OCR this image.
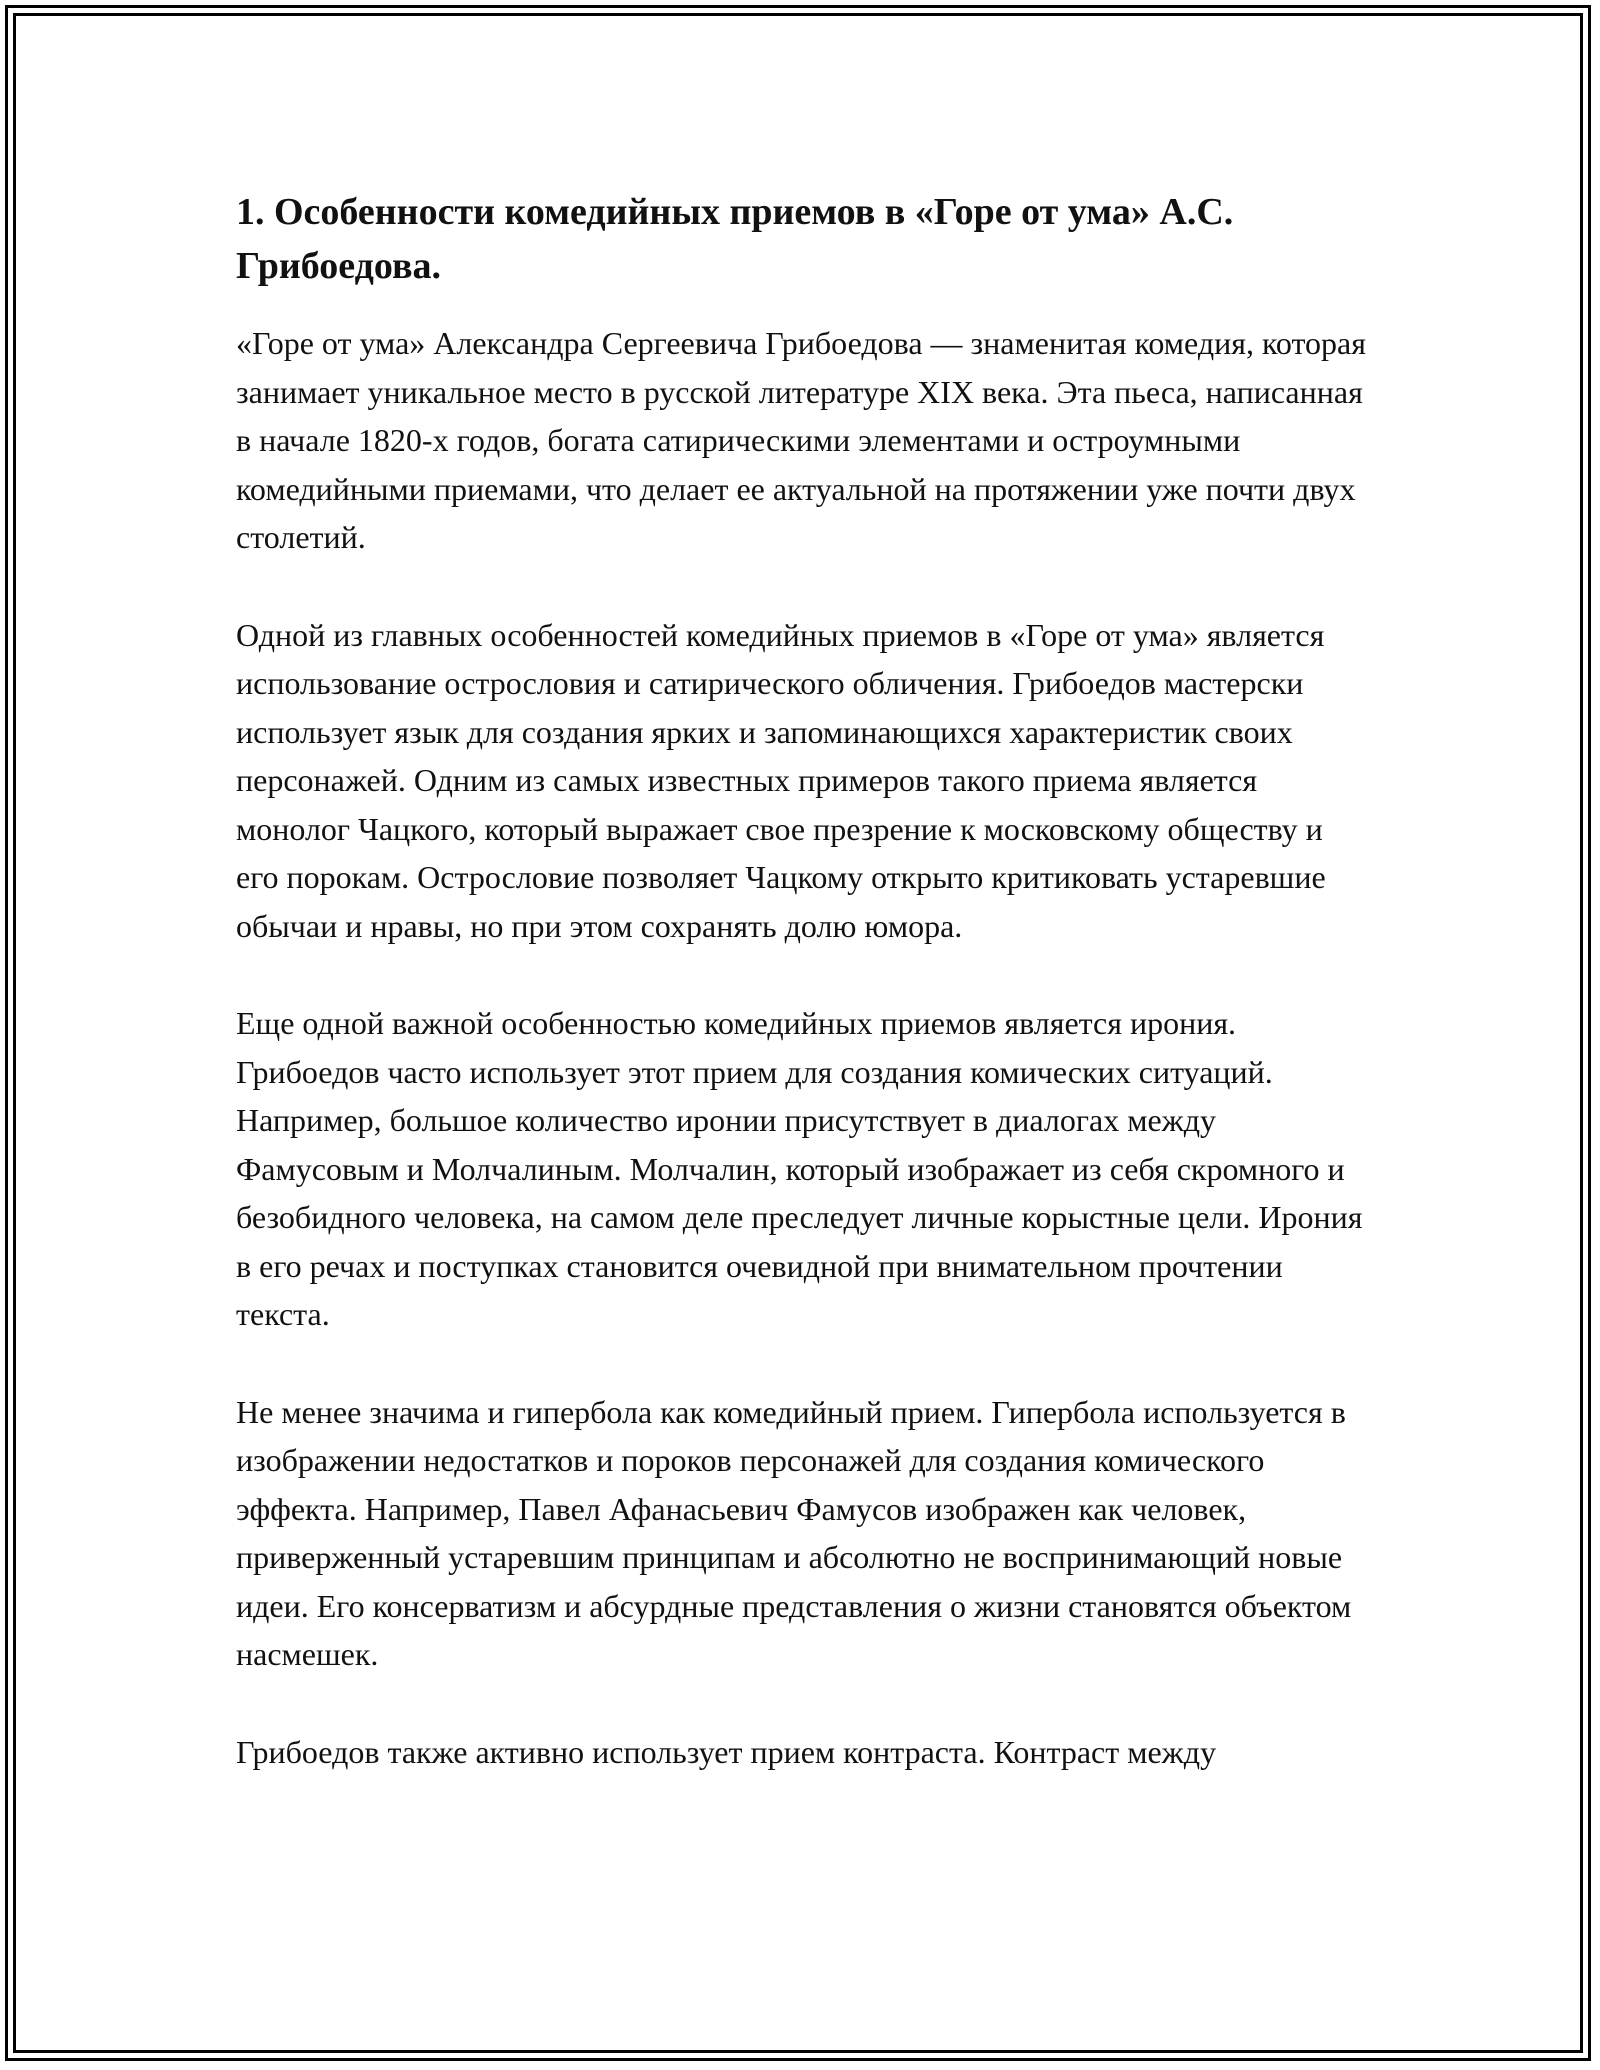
1. Особенности комедийных приемов в «Горе от ума» А.С. Грибоедова.

«Горе от ума» Александра Сергеевича Грибоедова — знаменитая комедия, которая занимает уникальное место в русской литературе XIX века. Эта пьеса, написанная в начале 1820-х годов, богата сатирическими элементами и остроумными комедийными приемами, что делает ее актуальной на протяжении уже почти двух столетий.

Одной из главных особенностей комедийных приемов в «Горе от ума» является использование острословия и сатирического обличения. Грибоедов мастерски использует язык для создания ярких и запоминающихся характеристик своих персонажей. Одним из самых известных примеров такого приема является монолог Чацкого, который выражает свое презрение к московскому обществу и его порокам. Острословие позволяет Чацкому открыто критиковать устаревшие обычаи и нравы, но при этом сохранять долю юмора.

Еще одной важной особенностью комедийных приемов является ирония. Грибоедов часто использует этот прием для создания комических ситуаций. Например, большое количество иронии присутствует в диалогах между Фамусовым и Молчалиным. Молчалин, который изображает из себя скромного и безобидного человека, на самом деле преследует личные корыстные цели. Ирония в его речах и поступках становится очевидной при внимательном прочтении текста.

Не менее значима и гипербола как комедийный прием. Гипербола используется в изображении недостатков и пороков персонажей для создания комического эффекта. Например, Павел Афанасьевич Фамусов изображен как человек, приверженный устаревшим принципам и абсолютно не воспринимающий новые идеи. Его консерватизм и абсурдные представления о жизни становятся объектом насмешек.

Грибоедов также активно использует прием контраста. Контраст между
